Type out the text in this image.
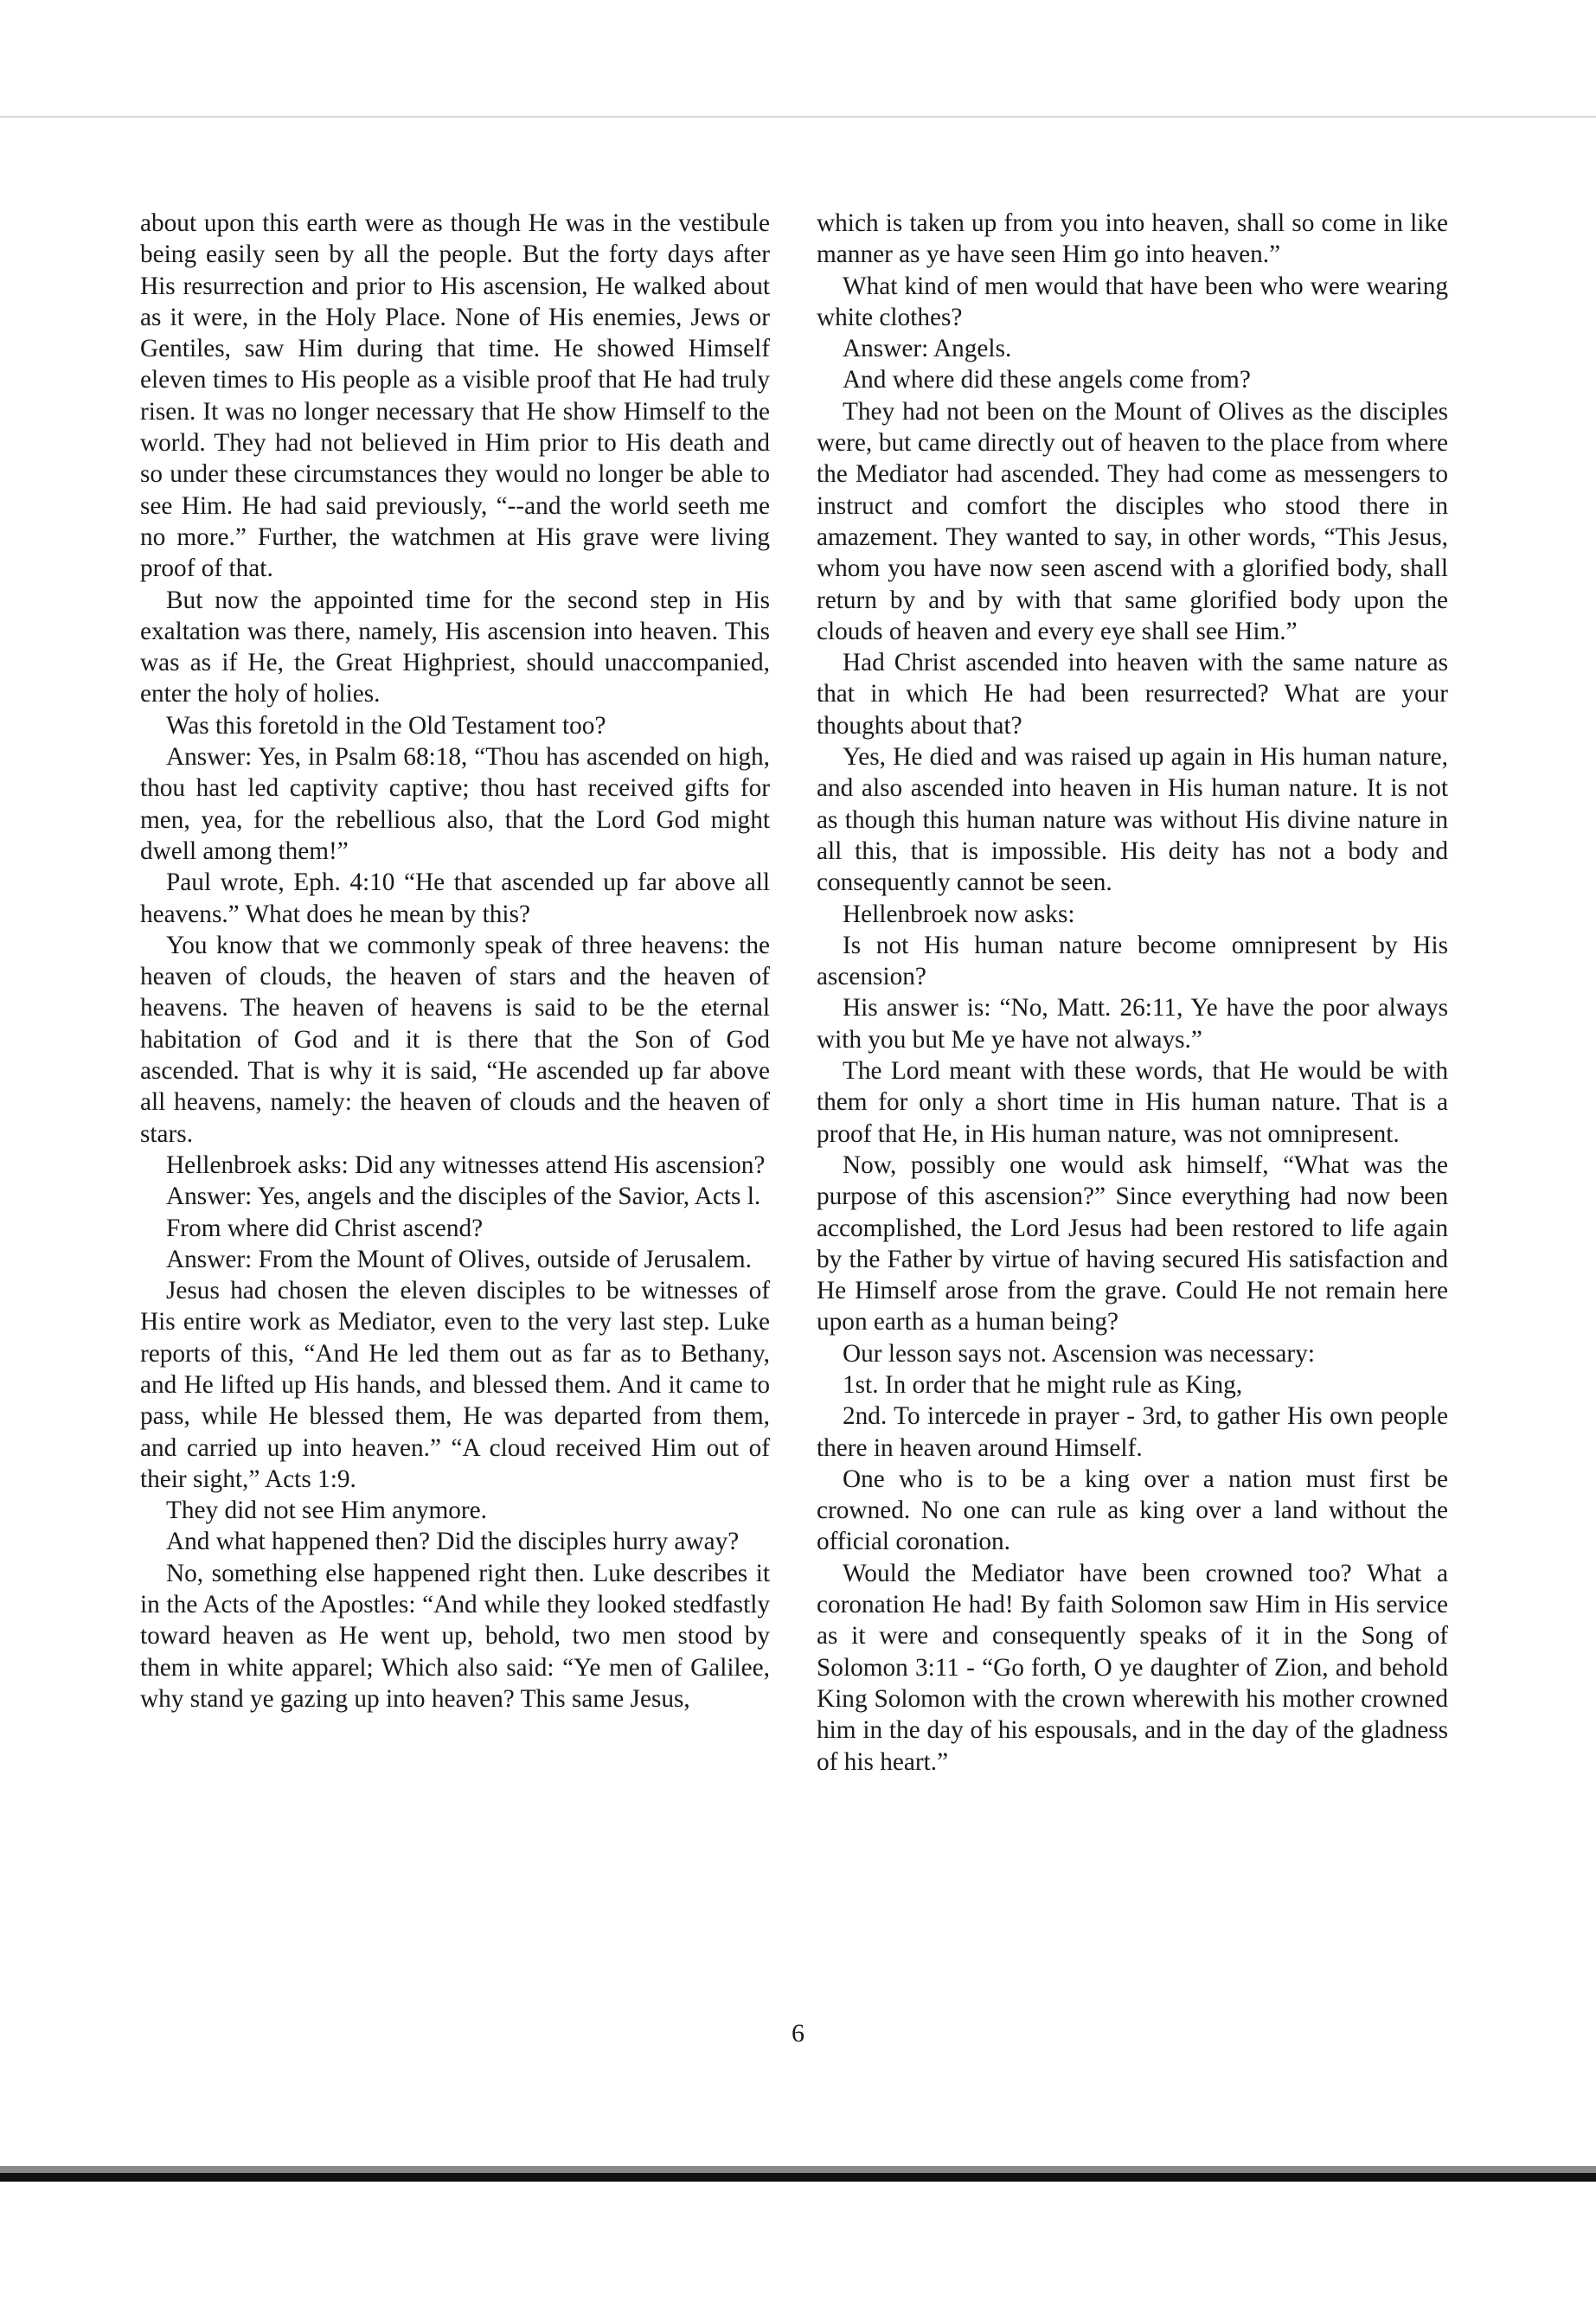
about upon this earth were as though He was in the vestibule being easily seen by all the people. But the forty days after His resurrection and prior to His ascension, He walked about as it were, in the Holy Place. None of His enemies, Jews or Gentiles, saw Him during that time. He showed Himself eleven times to His people as a visible proof that He had truly risen. It was no longer necessary that He show Himself to the world. They had not believed in Him prior to His death and so under these circumstances they would no longer be able to see Him. He had said previously, “--and the world seeth me no more.” Further, the watchmen at His grave were living proof of that.

But now the appointed time for the second step in His exaltation was there, namely, His ascension into heaven. This was as if He, the Great Highpriest, should unaccompanied, enter the holy of holies.

Was this foretold in the Old Testament too?

Answer: Yes, in Psalm 68:18, “Thou has ascended on high, thou hast led captivity captive; thou hast received gifts for men, yea, for the rebellious also, that the Lord God might dwell among them!”

Paul wrote, Eph. 4:10 “He that ascended up far above all heavens.” What does he mean by this?

You know that we commonly speak of three heavens: the heaven of clouds, the heaven of stars and the heaven of heavens. The heaven of heavens is said to be the eternal habitation of God and it is there that the Son of God ascended. That is why it is said, “He ascended up far above all heavens, namely: the heaven of clouds and the heaven of stars.

Hellenbroek asks: Did any witnesses attend His ascension?

Answer: Yes, angels and the disciples of the Savior, Acts l.

From where did Christ ascend?

Answer: From the Mount of Olives, outside of Jerusalem.

Jesus had chosen the eleven disciples to be witnesses of His entire work as Mediator, even to the very last step. Luke reports of this, “And He led them out as far as to Bethany, and He lifted up His hands, and blessed them. And it came to pass, while He blessed them, He was departed from them, and carried up into heaven.” “A cloud received Him out of their sight,” Acts 1:9.

They did not see Him anymore.

And what happened then? Did the disciples hurry away?

No, something else happened right then. Luke describes it in the Acts of the Apostles: “And while they looked stedfastly toward heaven as He went up, behold, two men stood by them in white apparel; Which also said: “Ye men of Galilee, why stand ye gazing up into heaven? This same Jesus,

which is taken up from you into heaven, shall so come in like manner as ye have seen Him go into heaven.”

What kind of men would that have been who were wearing white clothes?

Answer: Angels.

And where did these angels come from?

They had not been on the Mount of Olives as the disciples were, but came directly out of heaven to the place from where the Mediator had ascended. They had come as messengers to instruct and comfort the disciples who stood there in amazement. They wanted to say, in other words, “This Jesus, whom you have now seen ascend with a glorified body, shall return by and by with that same glorified body upon the clouds of heaven and every eye shall see Him.”

Had Christ ascended into heaven with the same nature as that in which He had been resurrected? What are your thoughts about that?

Yes, He died and was raised up again in His human nature, and also ascended into heaven in His human nature. It is not as though this human nature was without His divine nature in all this, that is impossible. His deity has not a body and consequently cannot be seen.

Hellenbroek now asks:

Is not His human nature become omnipresent by His ascension?

His answer is: “No, Matt. 26:11, Ye have the poor always with you but Me ye have not always.”

The Lord meant with these words, that He would be with them for only a short time in His human nature. That is a proof that He, in His human nature, was not omnipresent.

Now, possibly one would ask himself, “What was the purpose of this ascension?” Since everything had now been accomplished, the Lord Jesus had been restored to life again by the Father by virtue of having secured His satisfaction and He Himself arose from the grave. Could He not remain here upon earth as a human being?

Our lesson says not. Ascension was necessary:

1st. In order that he might rule as King,

2nd. To intercede in prayer - 3rd, to gather His own people there in heaven around Himself.

One who is to be a king over a nation must first be crowned. No one can rule as king over a land without the official coronation.

Would the Mediator have been crowned too? What a coronation He had! By faith Solomon saw Him in His service as it were and consequently speaks of it in the Song of Solomon 3:11 - “Go forth, O ye daughter of Zion, and behold King Solomon with the crown wherewith his mother crowned him in the day of his espousals, and in the day of the gladness of his heart.”

6
